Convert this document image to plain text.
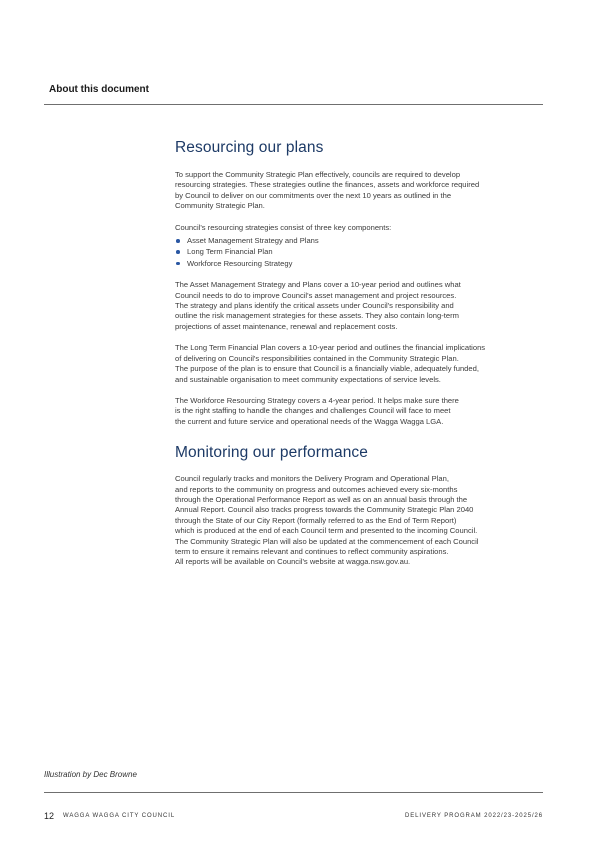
About this document
Resourcing our plans

To support the Community Strategic Plan effectively, councils are required to develop
resourcing strategies. These strategies outline the finances, assets and workforce required
by Council to deliver on our commitments over the next 10 years as outlined in the
Community Strategic Plan.

Council's resourcing strategies consist of three key components:

Asset Management Strategy and Plans
Long Term Financial Plan
Workforce Resourcing Strategy

The Asset Management Strategy and Plans cover a 10-year period and outlines what
Council needs to do to improve Council's asset management and project resources.
The strategy and plans identify the critical assets under Council's responsibility and
outline the risk management strategies for these assets. They also contain long-term
projections of asset maintenance, renewal and replacement costs.

The Long Term Financial Plan covers a 10-year period and outlines the financial implications
of delivering on Council's responsibilities contained in the Community Strategic Plan.
The purpose of the plan is to ensure that Council is a financially viable, adequately funded,
and sustainable organisation to meet community expectations of service levels.

The Workforce Resourcing Strategy covers a 4-year period. It helps make sure there
is the right staffing to handle the changes and challenges Council will face to meet
the current and future service and operational needs of the Wagga Wagga LGA.

Monitoring our performance

Council regularly tracks and monitors the Delivery Program and Operational Plan,
and reports to the community on progress and outcomes achieved every six-months
through the Operational Performance Report as well as on an annual basis through the
Annual Report. Council also tracks progress towards the Community Strategic Plan 2040
through the State of our City Report (formally referred to as the End of Term Report)
which is produced at the end of each Council term and presented to the incoming Council.
The Community Strategic Plan will also be updated at the commencement of each Council
term to ensure it remains relevant and continues to reflect community aspirations.
All reports will be available on Council's website at wagga.nsw.gov.au.

Illustration by Dec Browne
12 WAGGA WAGGA CITY COUNCIL	DELIVERY PROGRAM 2022/23-2025/26
